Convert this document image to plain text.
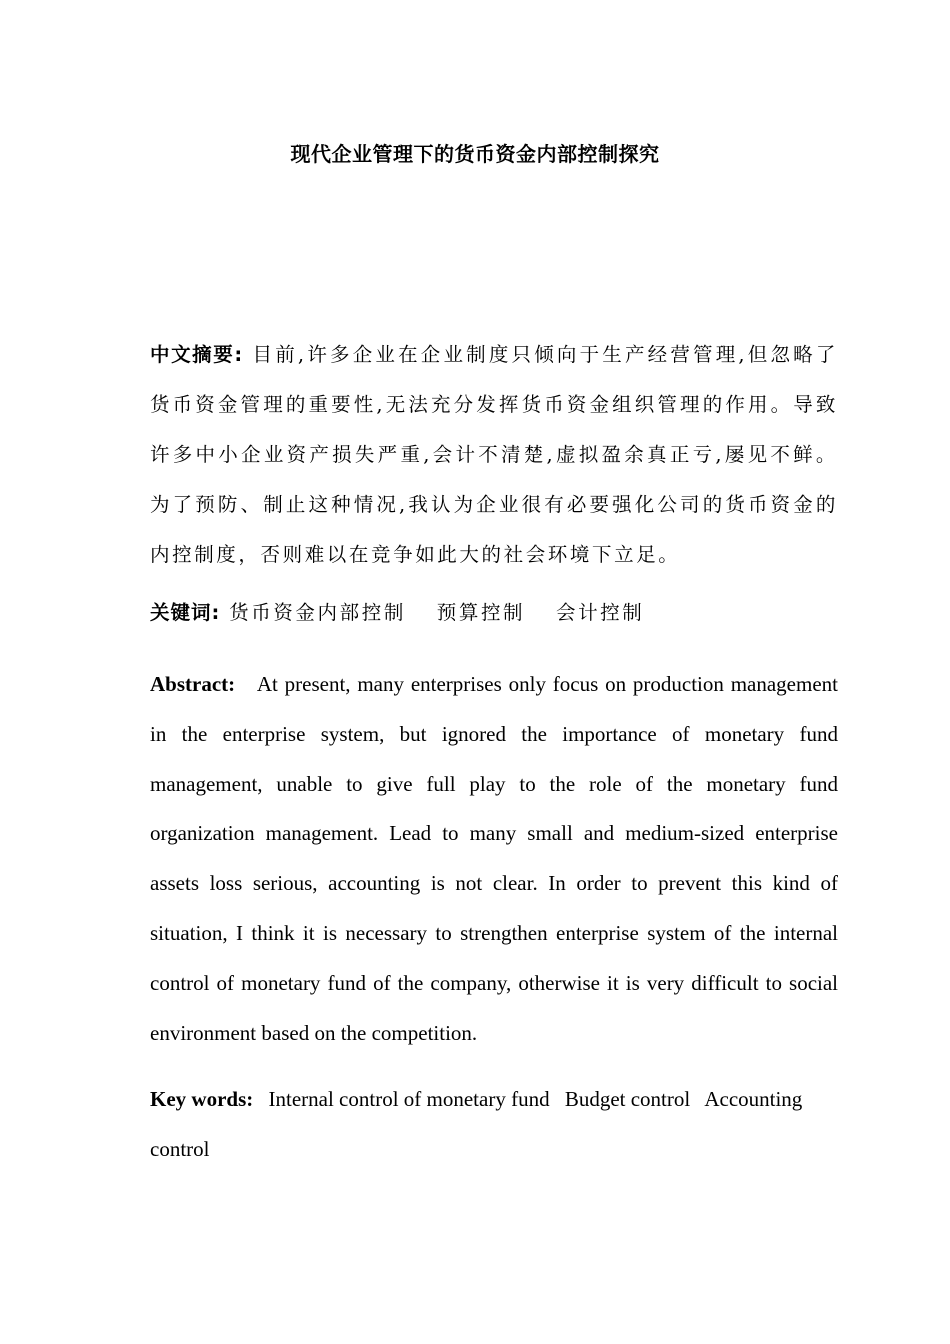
现代企业管理下的货币资金内部控制探究
中文摘要: 目前,许多企业在企业制度只倾向于生产经营管理,但忽略了货币资金管理的重要性,无法充分发挥货币资金组织管理的作用。导致许多中小企业资产损失严重,会计不清楚,虚拟盈余真正亏,屡见不鲜。为了预防、制止这种情况,我认为企业很有必要强化公司的货币资金的内控制度，否则难以在竞争如此大的社会环境下立足。
关键词: 货币资金内部控制 预算控制 会计控制
Abstract: At present, many enterprises only focus on production management in the enterprise system, but ignored the importance of monetary fund management, unable to give full play to the role of the monetary fund organization management. Lead to many small and medium-sized enterprise assets loss serious, accounting is not clear. In order to prevent this kind of situation, I think it is necessary to strengthen enterprise system of the internal control of monetary fund of the company, otherwise it is very difficult to social environment based on the competition.
Key words: Internal control of monetary fund Budget control Accounting control
